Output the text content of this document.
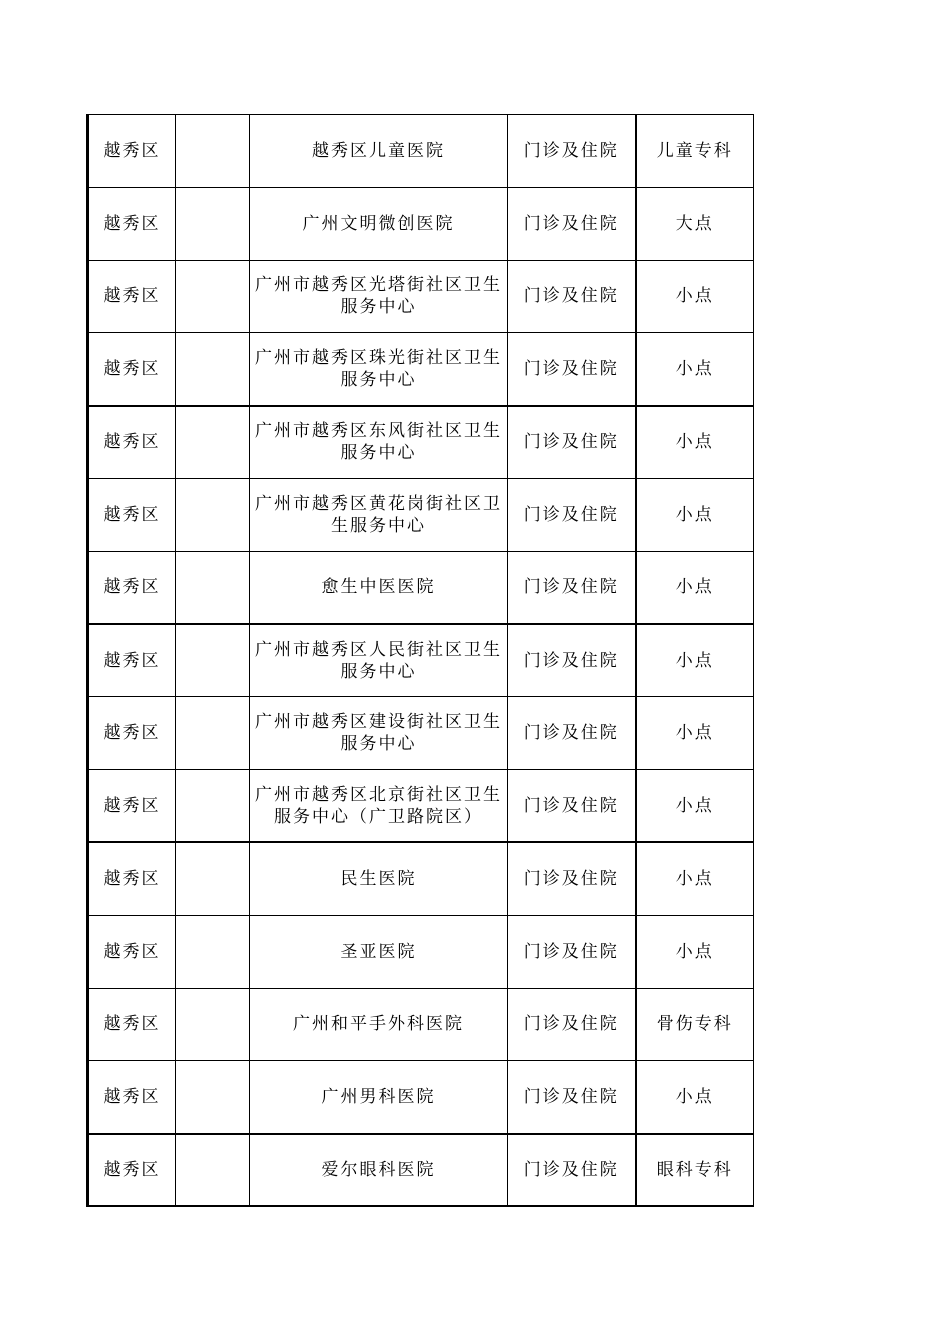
越秀区		越秀区儿童医院	门诊及住院	儿童专科
越秀区		广州文明微创医院	门诊及住院	大点
越秀区		广州市越秀区光塔街社区卫生服务中心	门诊及住院	小点
越秀区		广州市越秀区珠光街社区卫生服务中心	门诊及住院	小点
越秀区		广州市越秀区东风街社区卫生服务中心	门诊及住院	小点
越秀区		广州市越秀区黄花岗街社区卫生服务中心	门诊及住院	小点
越秀区		愈生中医医院	门诊及住院	小点
越秀区		广州市越秀区人民街社区卫生服务中心	门诊及住院	小点
越秀区		广州市越秀区建设街社区卫生服务中心	门诊及住院	小点
越秀区		广州市越秀区北京街社区卫生服务中心（广卫路院区）	门诊及住院	小点
越秀区		民生医院	门诊及住院	小点
越秀区		圣亚医院	门诊及住院	小点
越秀区		广州和平手外科医院	门诊及住院	骨伤专科
越秀区		广州男科医院	门诊及住院	小点
越秀区		爱尔眼科医院	门诊及住院	眼科专科
